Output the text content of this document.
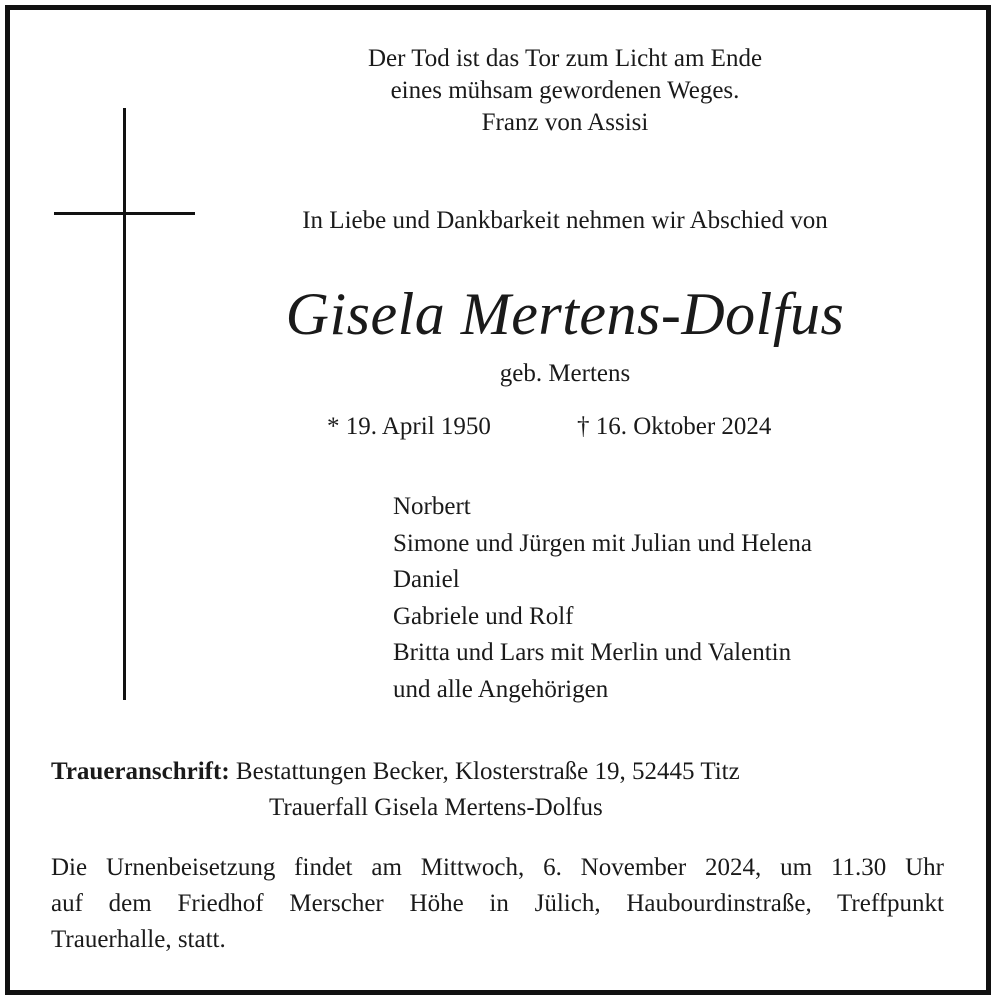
Der Tod ist das Tor zum Licht am Ende
eines mühsam gewordenen Weges.
Franz von Assisi
In Liebe und Dankbarkeit nehmen wir Abschied von
Gisela Mertens-Dolfus
geb. Mertens
* 19. April 1950	† 16. Oktober 2024
Norbert
Simone und Jürgen mit Julian und Helena
Daniel
Gabriele und Rolf
Britta und Lars mit Merlin und Valentin
und alle Angehörigen
Traueranschrift: Bestattungen Becker, Klosterstraße 19, 52445 Titz
Trauerfall Gisela Mertens-Dolfus
Die Urnenbeisetzung findet am Mittwoch, 6. November 2024, um 11.30 Uhr
auf dem Friedhof Merscher Höhe in Jülich, Haubourdinstraße, Treffpunkt
Trauerhalle, statt.
